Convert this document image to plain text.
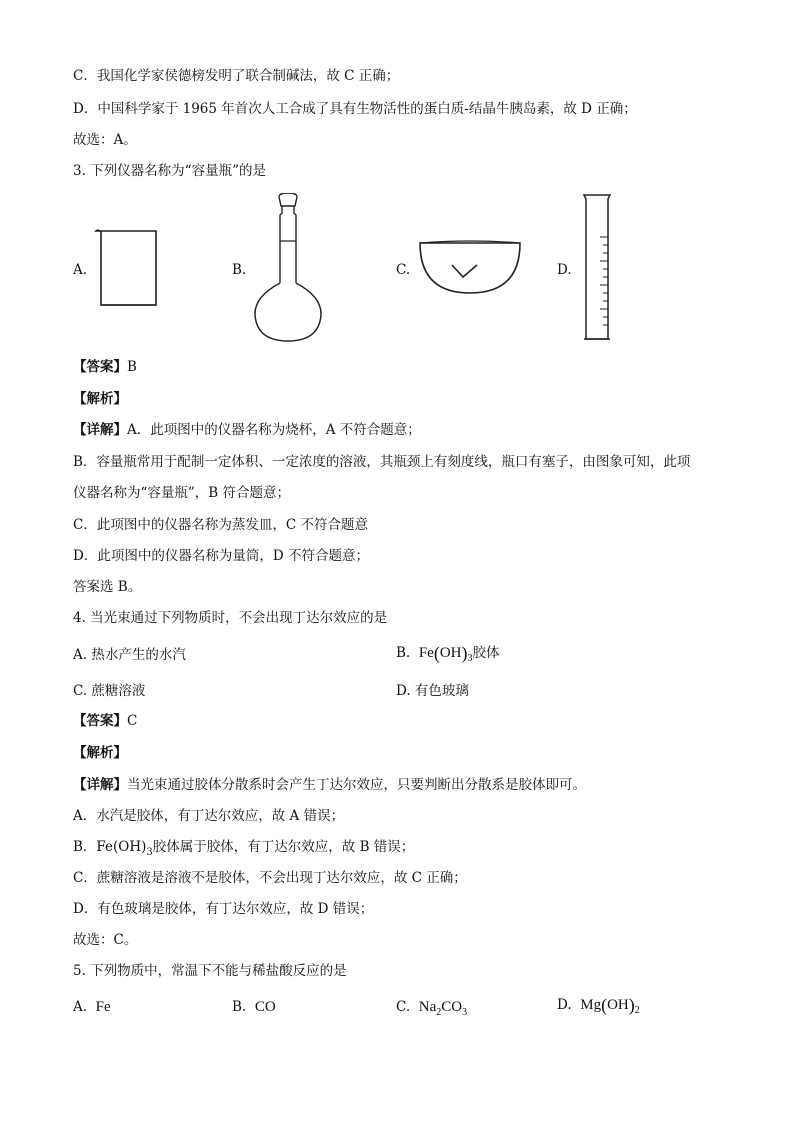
C．我国化学家侯德榜发明了联合制碱法，故 C 正确；
D．中国科学家于 1965 年首次人工合成了具有生物活性的蛋白质-结晶牛胰岛素，故 D 正确；
故选：A。
3. 下列仪器名称为“容量瓶”的是
A.	B.	C.	D.
【答案】B
【解析】
【详解】A．此项图中的仪器名称为烧杯，A 不符合题意；
B．容量瓶常用于配制一定体积、一定浓度的溶液，其瓶颈上有刻度线，瓶口有塞子，由图象可知，此项
仪器名称为“容量瓶”，B 符合题意；
C．此项图中的仪器名称为蒸发皿，C 不符合题意
D．此项图中的仪器名称为量筒，D 不符合题意；
答案选 B。
4. 当光束通过下列物质时，不会出现丁达尔效应的是
A. 热水产生的水汽	B. $Fe(OH)_3$胶体
C. 蔗糖溶液	D. 有色玻璃
【答案】C
【解析】
【详解】当光束通过胶体分散系时会产生丁达尔效应，只要判断出分散系是胶体即可。
A．水汽是胶体，有丁达尔效应，故 A 错误；
B．$Fe(OH)_3$胶体属于胶体，有丁达尔效应，故 B 错误；
C．蔗糖溶液是溶液不是胶体，不会出现丁达尔效应，故 C 正确；
D．有色玻璃是胶体，有丁达尔效应，故 D 错误；
故选：C。
5. 下列物质中，常温下不能与稀盐酸反应的是
A. Fe	B. CO	C. $Na_2CO_3$	D. $Mg(OH)_2$
